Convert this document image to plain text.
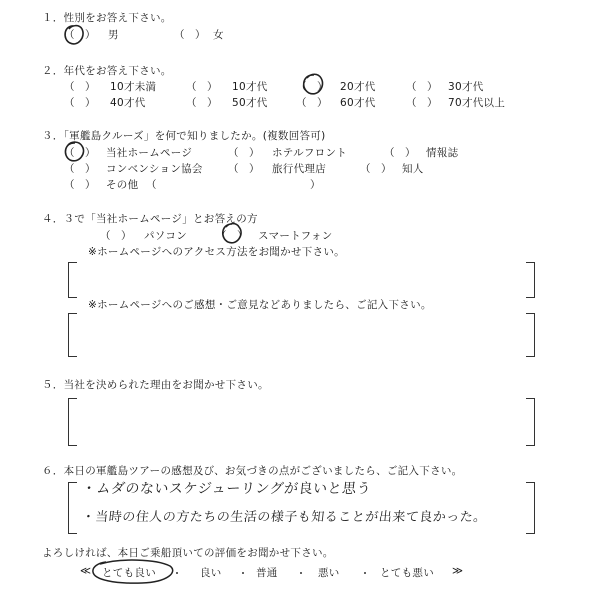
１．性別をお答え下さい。
（　） 男	（　） 女
２．年代をお答え下さい。
（　） 10才未満	（　） 10才代	（　） 20才代	（　） 30才代
（　） 40才代	（　） 50才代	（　） 60才代	（　） 70才代以上
３．「軍艦島クルーズ」を何で知りましたか。(複数回答可)
（　） 当社ホームページ	（　） ホテルフロント	（　） 情報誌
（　） コンベンション協会 （　） 旅行代理店	（　） 知人
（　） その他 （	）
４．３で「当社ホームページ」とお答えの方
（　） パソコン	（　） スマートフォン
※ホームページへのアクセス方法をお聞かせ下さい。
※ホームページへのご感想・ご意見などありましたら、ご記入下さい。
５．当社を決められた理由をお聞かせ下さい。
６．本日の軍艦島ツアーの感想及び、お気づきの点がございましたら、ご記入下さい。
・ムダのないスケジューリングが良いと思う
・当時の住人の方たちの生活の様子も知ることが出来て良かった。
よろしければ、本日ご乗船頂いての評価をお聞かせ下さい。
≪ とても良い	良い	普通	悪い	とても悪い ≫
